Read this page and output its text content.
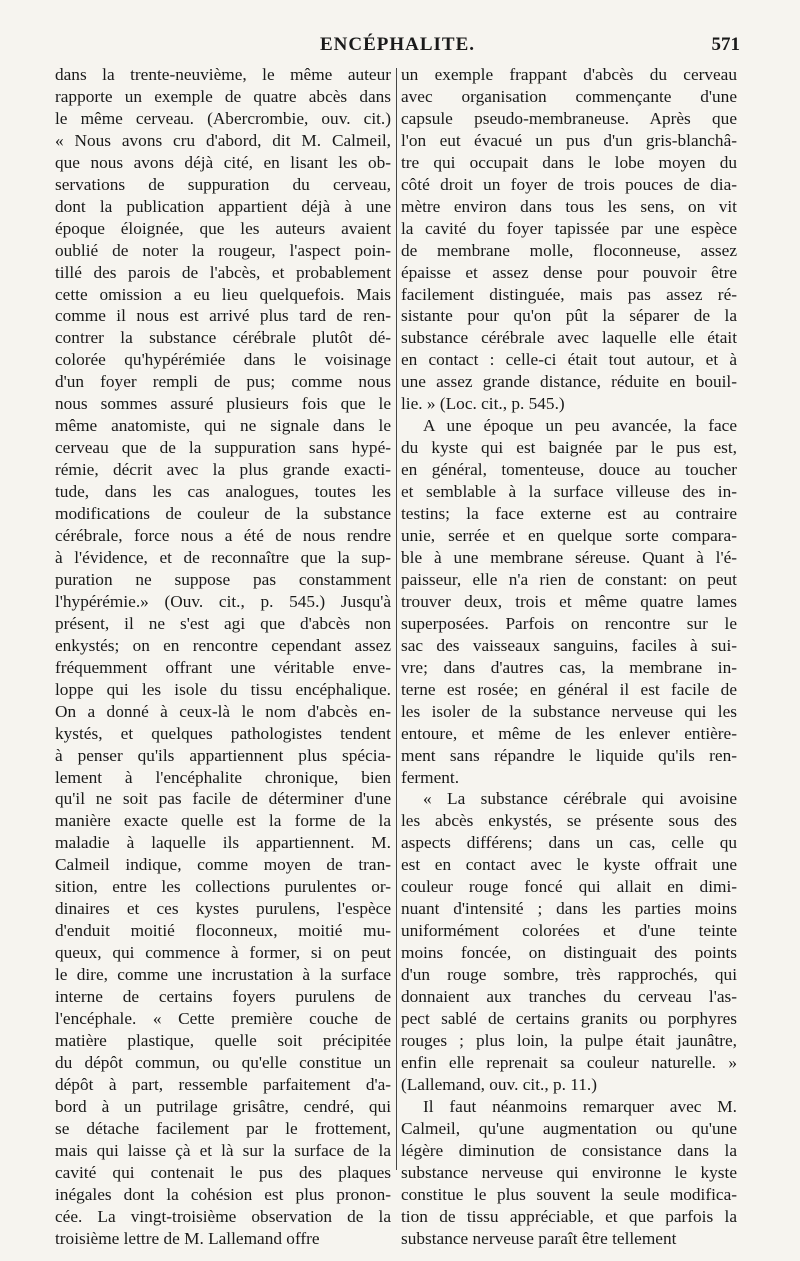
ENCÉPHALITE.	571
dans la trente-neuvième, le même auteur
rapporte un exemple de quatre abcès dans
le même cerveau. (Abercrombie, ouv. cit.)
« Nous avons cru d'abord, dit M. Calmeil,
que nous avons déjà cité, en lisant les ob-
servations de suppuration du cerveau,
dont la publication appartient déjà à une
époque éloignée, que les auteurs avaient
oublié de noter la rougeur, l'aspect poin-
tillé des parois de l'abcès, et probablement
cette omission a eu lieu quelquefois. Mais
comme il nous est arrivé plus tard de ren-
contrer la substance cérébrale plutôt dé-
colorée qu'hypérémiée dans le voisinage
d'un foyer rempli de pus; comme nous
nous sommes assuré plusieurs fois que le
même anatomiste, qui ne signale dans le
cerveau que de la suppuration sans hypé-
rémie, décrit avec la plus grande exacti-
tude, dans les cas analogues, toutes les
modifications de couleur de la substance
cérébrale, force nous a été de nous rendre
à l'évidence, et de reconnaître que la sup-
puration ne suppose pas constamment
l'hypérémie.» (Ouv. cit., p. 545.) Jusqu'à
présent, il ne s'est agi que d'abcès non
enkystés; on en rencontre cependant assez
fréquemment offrant une véritable enve-
loppe qui les isole du tissu encéphalique.
On a donné à ceux-là le nom d'abcès en-
kystés, et quelques pathologistes tendent
à penser qu'ils appartiennent plus spécia-
lement à l'encéphalite chronique, bien
qu'il ne soit pas facile de déterminer d'une
manière exacte quelle est la forme de la
maladie à laquelle ils appartiennent. M.
Calmeil indique, comme moyen de tran-
sition, entre les collections purulentes or-
dinaires et ces kystes purulens, l'espèce
d'enduit moitié floconneux, moitié mu-
queux, qui commence à former, si on peut
le dire, comme une incrustation à la surface
interne de certains foyers purulens de
l'encéphale. « Cette première couche de
matière plastique, quelle soit précipitée
du dépôt commun, ou qu'elle constitue un
dépôt à part, ressemble parfaitement d'a-
bord à un putrilage grisâtre, cendré, qui
se détache facilement par le frottement,
mais qui laisse çà et là sur la surface de la
cavité qui contenait le pus des plaques
inégales dont la cohésion est plus pronon-
cée. La vingt-troisième observation de la
troisième lettre de M. Lallemand offre
un exemple frappant d'abcès du cerveau
avec organisation commençante d'une
capsule pseudo-membraneuse. Après que
l'on eut évacué un pus d'un gris-blanchâ-
tre qui occupait dans le lobe moyen du
côté droit un foyer de trois pouces de dia-
mètre environ dans tous les sens, on vit
la cavité du foyer tapissée par une espèce
de membrane molle, floconneuse, assez
épaisse et assez dense pour pouvoir être
facilement distinguée, mais pas assez ré-
sistante pour qu'on pût la séparer de la
substance cérébrale avec laquelle elle était
en contact : celle-ci était tout autour, et à
une assez grande distance, réduite en bouil-
lie. » (Loc. cit., p. 545.)
A une époque un peu avancée, la face
du kyste qui est baignée par le pus est,
en général, tomenteuse, douce au toucher
et semblable à la surface villeuse des in-
testins; la face externe est au contraire
unie, serrée et en quelque sorte compara-
ble à une membrane séreuse. Quant à l'é-
paisseur, elle n'a rien de constant: on peut
trouver deux, trois et même quatre lames
superposées. Parfois on rencontre sur le
sac des vaisseaux sanguins, faciles à sui-
vre; dans d'autres cas, la membrane in-
terne est rosée; en général il est facile de
les isoler de la substance nerveuse qui les
entoure, et même de les enlever entière-
ment sans répandre le liquide qu'ils ren-
ferment.
« La substance cérébrale qui avoisine
les abcès enkystés, se présente sous des
aspects différens; dans un cas, celle qu
est en contact avec le kyste offrait une
couleur rouge foncé qui allait en dimi-
nuant d'intensité ; dans les parties moins
uniformément colorées et d'une teinte
moins foncée, on distinguait des points
d'un rouge sombre, très rapprochés, qui
donnaient aux tranches du cerveau l'as-
pect sablé de certains granits ou porphyres
rouges ; plus loin, la pulpe était jaunâtre,
enfin elle reprenait sa couleur naturelle. »
(Lallemand, ouv. cit., p. 11.)
Il faut néanmoins remarquer avec M.
Calmeil, qu'une augmentation ou qu'une
légère diminution de consistance dans la
substance nerveuse qui environne le kyste
constitue le plus souvent la seule modifica-
tion de tissu appréciable, et que parfois la
substance nerveuse paraît être tellement
